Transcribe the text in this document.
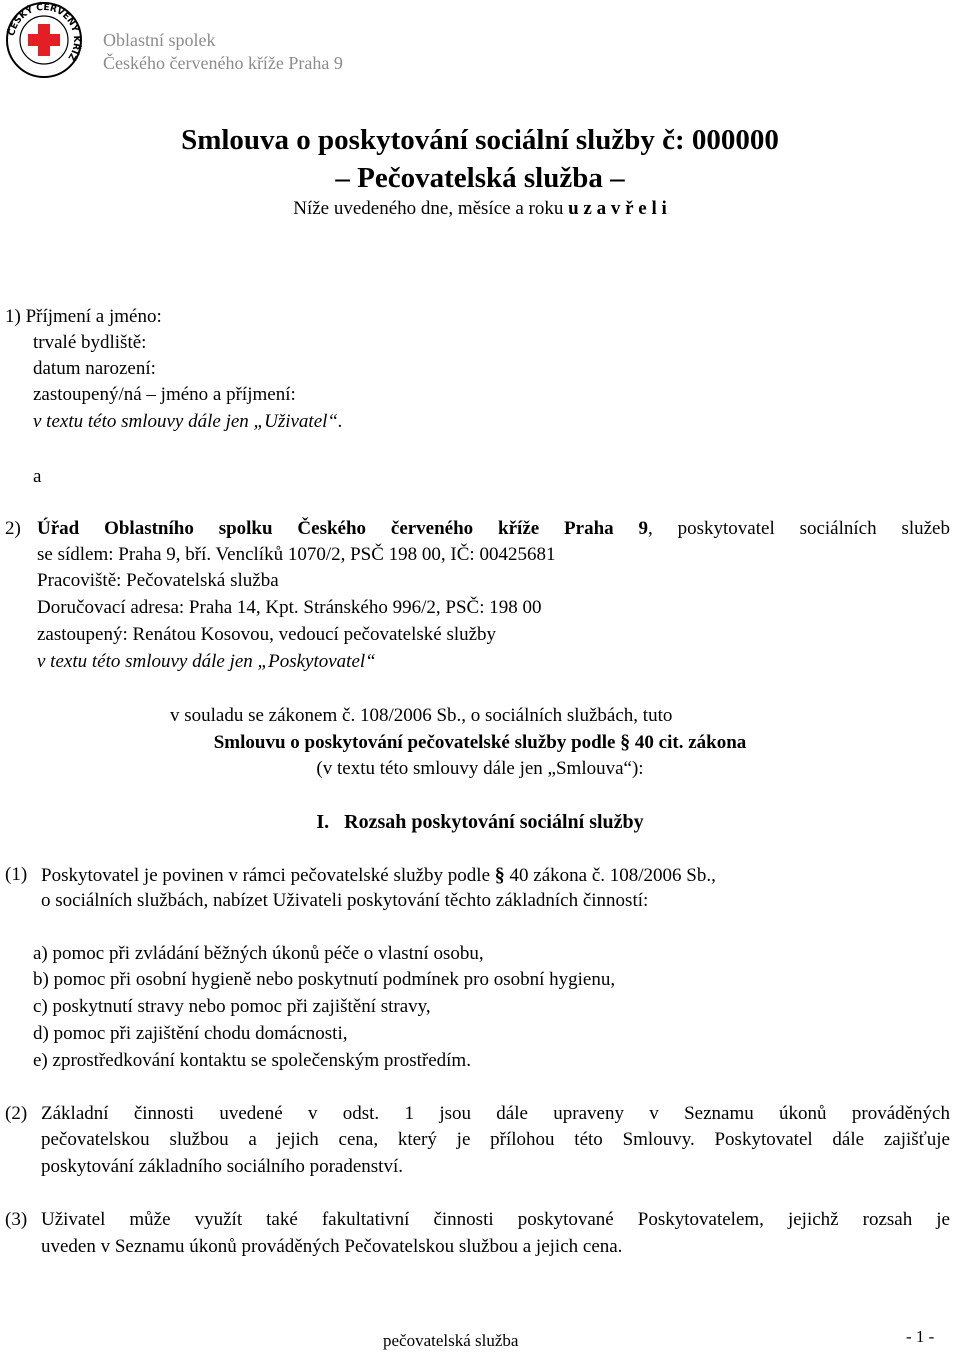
ČESKÝ ČERVENÝ KŘÍŽ
Oblastní spolek
Českého červeného kříže Praha 9
Smlouva o poskytování sociální služby č: 000000
– Pečovatelská služba –
Níže uvedeného dne, měsíce a roku u z a v ř e l i
1) Příjmení a jméno:
trvalé bydliště:
datum narození:
zastoupený/ná – jméno a příjmení:
v textu této smlouvy dále jen „Uživatel“.
a
2) Úřad Oblastního spolku Českého červeného kříže Praha 9, poskytovatel sociálních služeb
se sídlem: Praha 9, bří. Venclíků 1070/2, PSČ 198 00, IČ: 00425681
Pracoviště: Pečovatelská služba
Doručovací adresa: Praha 14, Kpt. Stránského 996/2, PSČ: 198 00
zastoupený: Renátou Kosovou, vedoucí pečovatelské služby
v textu této smlouvy dále jen „Poskytovatel“
v souladu se zákonem č. 108/2006 Sb., o sociálních službách, tuto
Smlouvu o poskytování pečovatelské služby podle § 40 cit. zákona
(v textu této smlouvy dále jen „Smlouva“):
I. Rozsah poskytování sociální služby
(1) Poskytovatel je povinen v rámci pečovatelské služby podle § 40 zákona č. 108/2006 Sb.,
o sociálních službách, nabízet Uživateli poskytování těchto základních činností:
a) pomoc při zvládání běžných úkonů péče o vlastní osobu,
b) pomoc při osobní hygieně nebo poskytnutí podmínek pro osobní hygienu,
c) poskytnutí stravy nebo pomoc při zajištění stravy,
d) pomoc při zajištění chodu domácnosti,
e) zprostředkování kontaktu se společenským prostředím.
(2) Základní činnosti uvedené v odst. 1 jsou dále upraveny v Seznamu úkonů prováděných
pečovatelskou službou a jejich cena, který je přílohou této Smlouvy. Poskytovatel dále zajišťuje
poskytování základního sociálního poradenství.
(3) Uživatel může využít také fakultativní činnosti poskytované Poskytovatelem, jejichž rozsah je
uveden v Seznamu úkonů prováděných Pečovatelskou službou a jejich cena.
pečovatelská služba	- 1 -
